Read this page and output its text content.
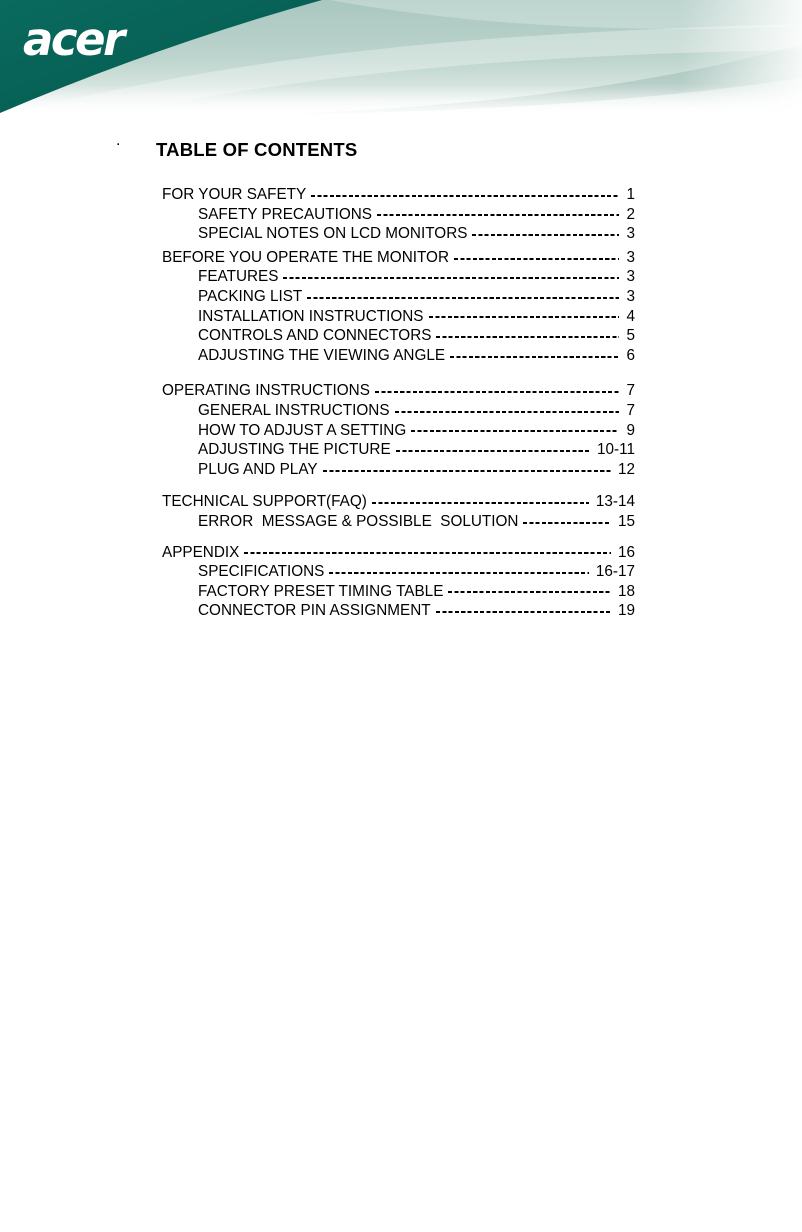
acer
. TABLE OF CONTENTS
FOR YOUR SAFETY	1
SAFETY PRECAUTIONS	2
SPECIAL NOTES ON LCD MONITORS	3
BEFORE YOU OPERATE THE MONITOR	3
FEATURES	3
PACKING LIST	3
INSTALLATION INSTRUCTIONS	4
CONTROLS AND CONNECTORS	5
ADJUSTING THE VIEWING ANGLE	6
OPERATING INSTRUCTIONS	7
GENERAL INSTRUCTIONS	7
HOW TO ADJUST A SETTING	9
ADJUSTING THE PICTURE	10-11
PLUG AND PLAY	12
TECHNICAL SUPPORT(FAQ)	13-14
ERROR  MESSAGE & POSSIBLE  SOLUTION	15
APPENDIX	16
SPECIFICATIONS	16-17
FACTORY PRESET TIMING TABLE	18
CONNECTOR PIN ASSIGNMENT	19
